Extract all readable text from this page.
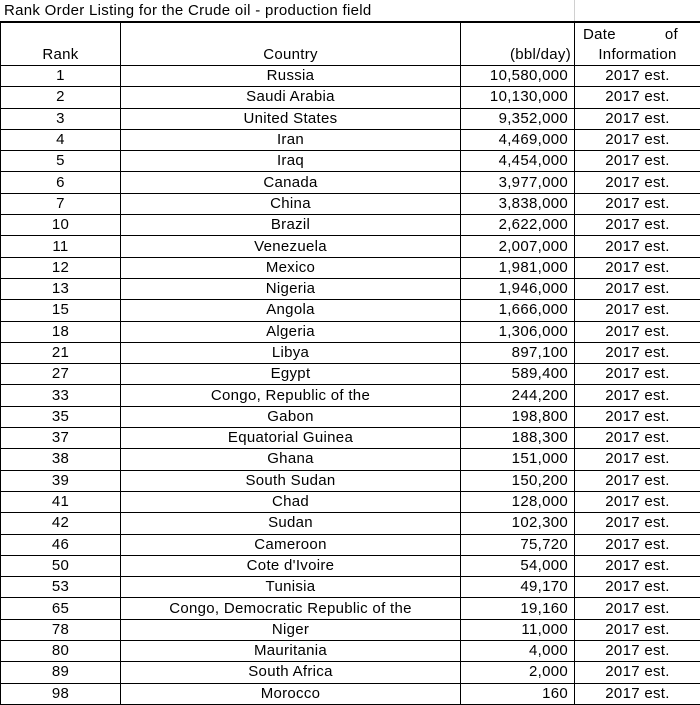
Rank Order Listing for the Crude oil - production field
Rank	Country	(bbl/day)	Date of
Information

1	Russia	10,580,000	2017 est.
2	Saudi Arabia	10,130,000	2017 est.
3	United States	9,352,000	2017 est.
4	Iran	4,469,000	2017 est.
5	Iraq	4,454,000	2017 est.
6	Canada	3,977,000	2017 est.
7	China	3,838,000	2017 est.
10	Brazil	2,622,000	2017 est.
11	Venezuela	2,007,000	2017 est.
12	Mexico	1,981,000	2017 est.
13	Nigeria	1,946,000	2017 est.
15	Angola	1,666,000	2017 est.
18	Algeria	1,306,000	2017 est.
21	Libya	897,100	2017 est.
27	Egypt	589,400	2017 est.
33	Congo, Republic of the	244,200	2017 est.
35	Gabon	198,800	2017 est.
37	Equatorial Guinea	188,300	2017 est.
38	Ghana	151,000	2017 est.
39	South Sudan	150,200	2017 est.
41	Chad	128,000	2017 est.
42	Sudan	102,300	2017 est.
46	Cameroon	75,720	2017 est.
50	Cote d'Ivoire	54,000	2017 est.
53	Tunisia	49,170	2017 est.
65	Congo, Democratic Republic of the	19,160	2017 est.
78	Niger	11,000	2017 est.
80	Mauritania	4,000	2017 est.
89	South Africa	2,000	2017 est.
98	Morocco	160	2017 est.
